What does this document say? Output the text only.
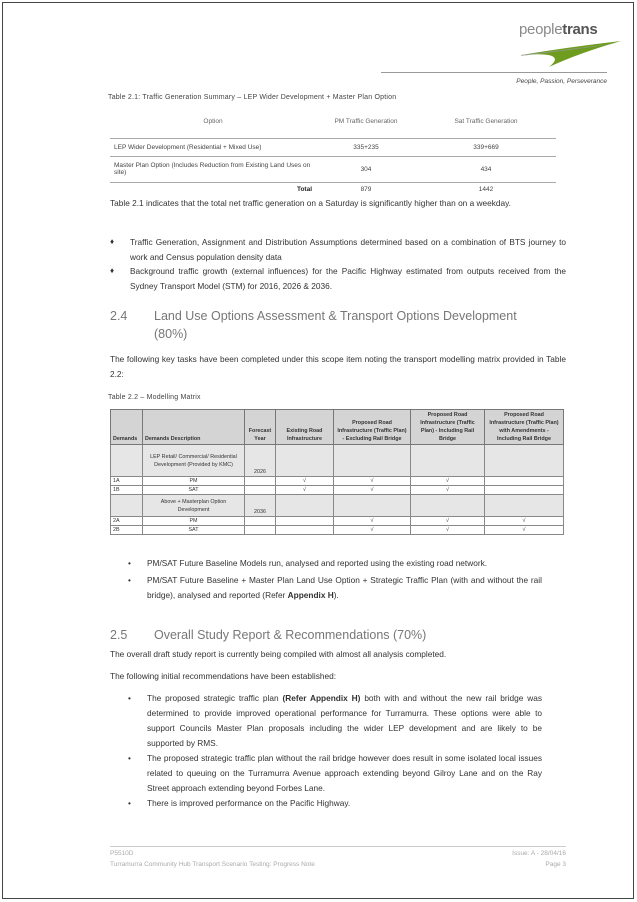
peopletrans
People, Passion, Perseverance
Table 2.1: Traffic Generation Summary – LEP Wider Development + Master Plan Option
Option	PM Traffic Generation	Sat Traffic Generation
LEP Wider Development (Residential + Mixed Use)	335+235	339+669
Master Plan Option (Includes Reduction from Existing Land Uses on site)	304	434
Total	879	1442
Table 2.1 indicates that the total net traffic generation on a Saturday is significantly higher than on a weekday.
♦ Traffic Generation, Assignment and Distribution Assumptions determined based on a combination of BTS journey to work and Census population density data
♦ Background traffic growth (external influences) for the Pacific Highway estimated from outputs received from the Sydney Transport Model (STM) for 2016, 2026 & 2036.
2.4 Land Use Options Assessment & Transport Options Development
(80%)
The following key tasks have been completed under this scope item noting the transport modelling matrix provided in Table 2.2:
Table 2.2 – Modelling Matrix
Demands	Demands Description	Forecast Year	Existing Road Infrastructure	Proposed Road Infrastructure (Traffic Plan) - Excluding Rail Bridge	Proposed Road Infrastructure (Traffic Plan) - Including Rail Bridge	Proposed Road Infrastructure (Traffic Plan) with Amendments - Including Rail Bridge
	LEP Retail/ Commercial/ Residential Development (Provided by KMC)	2026				
1A	PM		√	√	√	
1B	SAT		√	√	√	
	Above + Masterplan Option Development	2036				
2A	PM			√	√	√
2B	SAT			√	√	√
• PM/SAT Future Baseline Models run, analysed and reported using the existing road network.
• PM/SAT Future Baseline + Master Plan Land Use Option + Strategic Traffic Plan (with and without the rail bridge), analysed and reported (Refer Appendix H).
2.5 Overall Study Report & Recommendations (70%)
The overall draft study report is currently being compiled with almost all analysis completed.
The following initial recommendations have been established:
• The proposed strategic traffic plan (Refer Appendix H) both with and without the new rail bridge was determined to provide improved operational performance for Turramurra. These options were able to support Councils Master Plan proposals including the wider LEP development and are likely to be supported by RMS.
• The proposed strategic traffic plan without the rail bridge however does result in some isolated local issues related to queuing on the Turramurra Avenue approach extending beyond Gilroy Lane and on the Ray Street approach extending beyond Forbes Lane.
• There is improved performance on the Pacific Highway.
P5510D
Turramurra Community Hub Transport Scenario Testing: Progress Note
Issue: A - 28/04/16
Page 3
